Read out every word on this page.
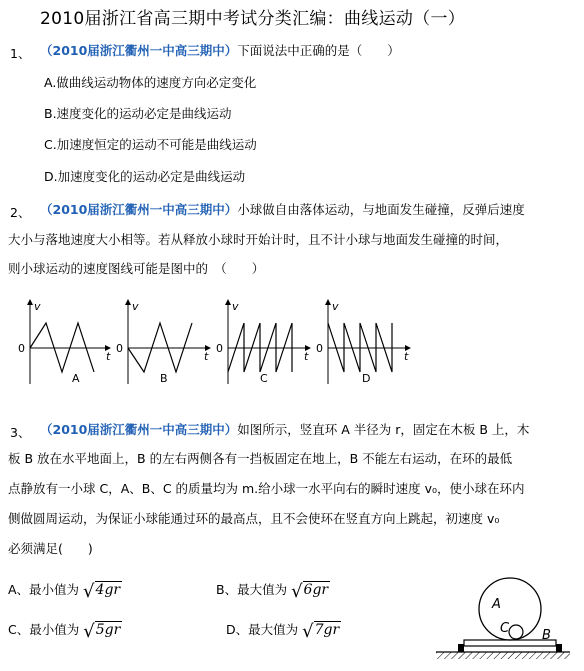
2010届浙江省高三期中考试分类汇编：曲线运动（一）
1、 （2010届浙江衢州一中高三期中）下面说法中正确的是（　　）
A.做曲线运动物体的速度方向必定变化
B.速度变化的运动必定是曲线运动
C.加速度恒定的运动不可能是曲线运动
D.加速度变化的运动必定是曲线运动
2、 （2010届浙江衢州一中高三期中）小球做自由落体运动，与地面发生碰撞，反弹后速度
大小与落地速度大小相等。若从释放小球时开始计时，且不计小球与地面发生碰撞的时间，
则小球运动的速度图线可能是图中的　（　　）
v
0
t
A
v
0
t
B
v
0
t
C
v
0
t
D
3、 （2010届浙江衢州一中高三期中）如图所示，竖直环 A 半径为 r，固定在木板 B 上，木
板 B 放在水平地面上，B 的左右两侧各有一挡板固定在地上，B 不能左右运动，在环的最低
点静放有一小球 C，A、B、C 的质量均为 m.给小球一水平向右的瞬时速度 v₀，使小球在环内
侧做圆周运动，为保证小球能通过环的最高点，且不会使环在竖直方向上跳起，初速度 v₀
必须满足(　　)
A、最小值为 √4gr	B、最大值为 √6gr
C、最小值为 √5gr	D、最大值为 √7gr
A
C	B
